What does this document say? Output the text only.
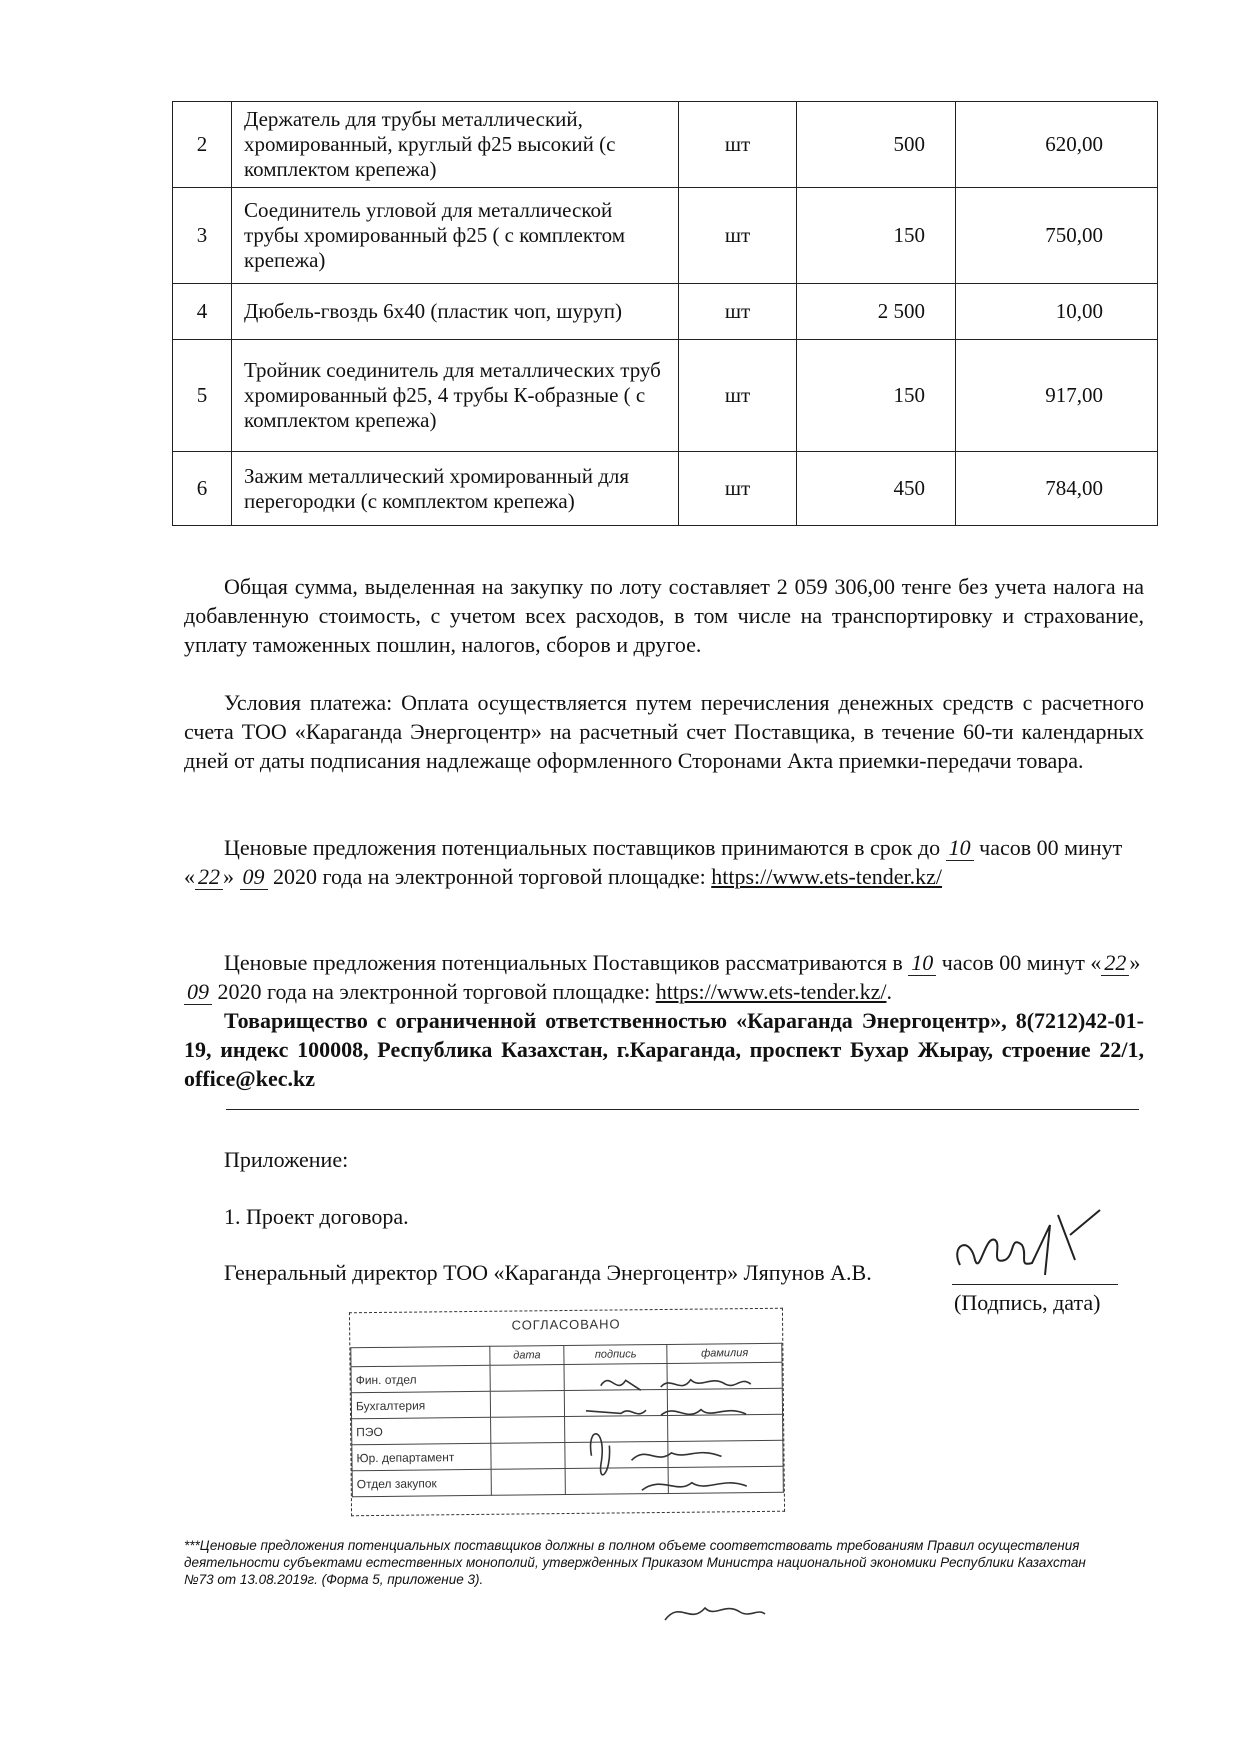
2	Держатель для трубы металлический, хромированный, круглый ф25 высокий (с комплектом крепежа)	шт	500	620,00
3	Соединитель угловой для металлической трубы хромированный ф25 ( с комплектом крепежа)	шт	150	750,00
4	Дюбель-гвоздь 6х40 (пластик чоп, шуруп)	шт	2 500	10,00
5	Тройник соединитель для металлических труб хромированный ф25, 4 трубы К-образные ( с комплектом крепежа)	шт	150	917,00
6	Зажим металлический хромированный для перегородки (с комплектом крепежа)	шт	450	784,00
Общая сумма, выделенная на закупку по лоту составляет 2 059 306,00 тенге без учета налога на добавленную стоимость, с учетом всех расходов, в том числе на транспортировку и страхование, уплату таможенных пошлин, налогов, сборов и другое.
Условия платежа: Оплата осуществляется путем перечисления денежных средств с расчетного счета ТОО «Караганда Энергоцентр» на расчетный счет Поставщика, в течение 60-ти календарных дней от даты подписания надлежаще оформленного Сторонами Акта приемки-передачи товара.
Ценовые предложения потенциальных поставщиков принимаются в срок до 10 часов 00 минут « 22 » 09 2020 года на электронной торговой площадке: https://www.ets-tender.kz/
Ценовые предложения потенциальных Поставщиков рассматриваются в 10 часов 00 минут « 22 » 09 2020 года на электронной торговой площадке: https://www.ets-tender.kz/.
Товарищество с ограниченной ответственностью «Караганда Энергоцентр», 8(7212)42-01-19, индекс 100008, Республика Казахстан, г.Караганда, проспект Бухар Жырау, строение 22/1, office@kec.kz
Приложение:
1. Проект договора.
Генеральный директор ТОО «Караганда Энергоцентр» Ляпунов А.В.
(Подпись, дата)
СОГЛАСОВАНО
	дата	подпись	фамилия
Фин. отдел			
Бухгалтерия			
ПЭО			
Юр. департамент			
Отдел закупок			
***Ценовые предложения потенциальных поставщиков должны в полном объеме соответствовать требованиям Правил осуществления деятельности субъектами естественных монополий, утвержденных Приказом Министра национальной экономики Республики Казахстан №73 от 13.08.2019г. (Форма 5, приложение 3).
